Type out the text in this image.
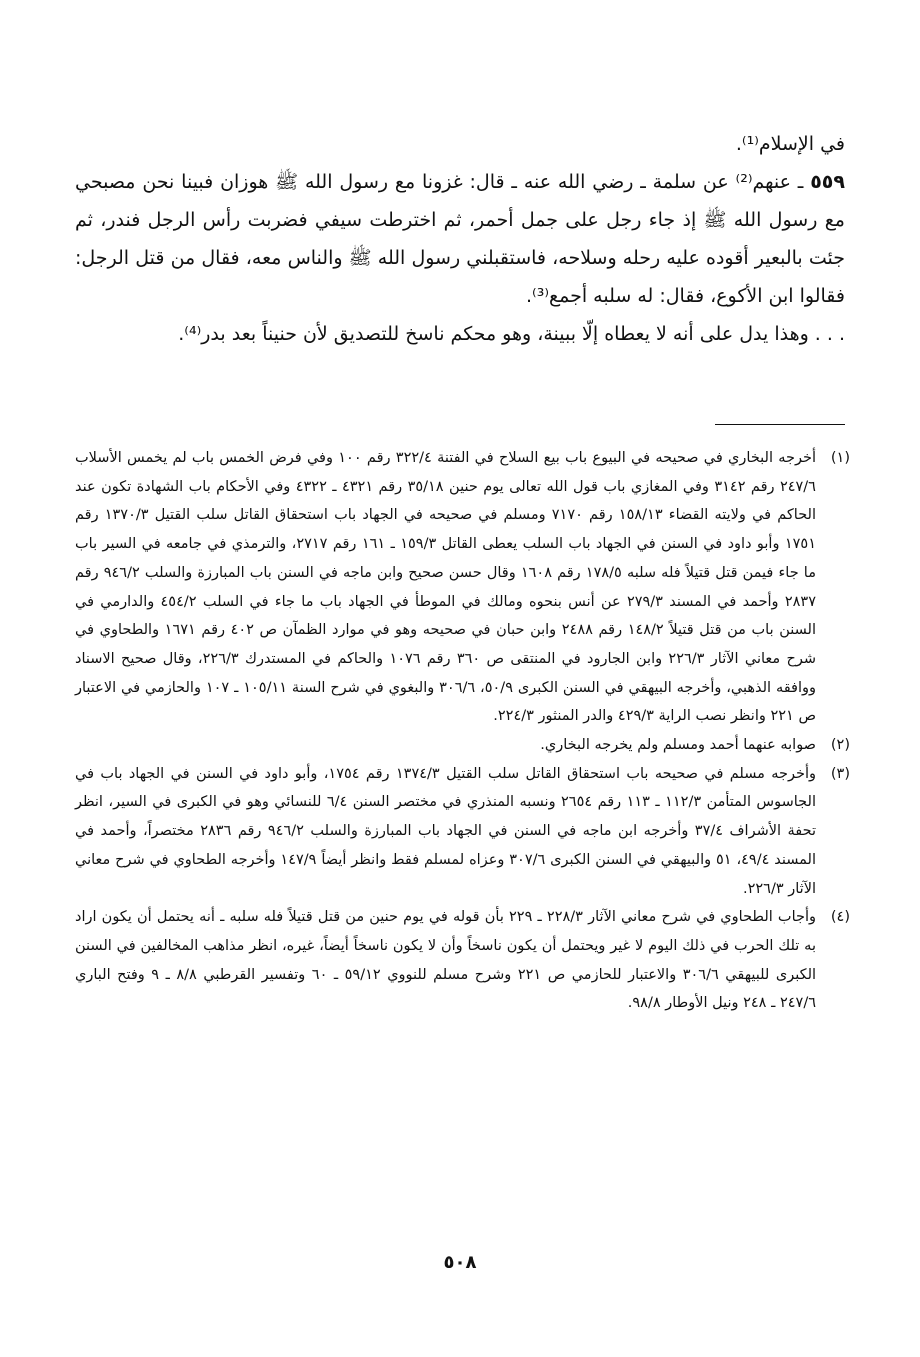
في الإسلام⁽¹⁾.

٥٥٩ ـ عنهم⁽²⁾ عن سلمة ـ رضي الله عنه ـ قال: غزونا مع رسول الله ﷺ هوزان فبينا نحن مصبحي مع رسول الله ﷺ إذ جاء رجل على جمل أحمر، ثم اخترطت سيفي فضربت رأس الرجل فندر، ثم جئت بالبعير أقوده عليه رحله وسلاحه، فاستقبلني رسول الله ﷺ والناس معه، فقال من قتل الرجل: فقالوا ابن الأكوع، فقال: له سلبه أجمع⁽³⁾.

. . . وهذا يدل على أنه لا يعطاه إلّا ببينة، وهو محكم ناسخ للتصديق لأن حنيناً بعد بدر⁽⁴⁾.

(١)
أخرجه البخاري في صحيحه في البيوع باب بيع السلاح في الفتنة ٣٢٢/٤ رقم ١٠٠ وفي فرض الخمس باب لم يخمس الأسلاب ٢٤٧/٦ رقم ٣١٤٢ وفي المغازي باب قول الله تعالى يوم حنين ٣٥/١٨ رقم ٤٣٢١ ـ ٤٣٢٢ وفي الأحكام باب الشهادة تكون عند الحاكم في ولايته القضاء ١٥٨/١٣ رقم ٧١٧٠ ومسلم في صحيحه في الجهاد باب استحقاق القاتل سلب القتيل ١٣٧٠/٣ رقم ١٧٥١ وأبو داود في السنن في الجهاد باب السلب يعطى القاتل ١٥٩/٣ ـ ١٦١ رقم ٢٧١٧، والترمذي في جامعه في السير باب ما جاء فيمن قتل قتيلاً فله سلبه ١٧٨/٥ رقم ١٦٠٨ وقال حسن صحيح وابن ماجه في السنن باب المبارزة والسلب ٩٤٦/٢ رقم ٢٨٣٧ وأحمد في المسند ٢٧٩/٣ عن أنس بنحوه ومالك في الموطأ في الجهاد باب ما جاء في السلب ٤٥٤/٢ والدارمي في السنن باب من قتل قتيلاً ١٤٨/٢ رقم ٢٤٨٨ وابن حبان في صحيحه وهو في موارد الظمآن ص ٤٠٢ رقم ١٦٧١ والطحاوي في شرح معاني الآثار ٢٢٦/٣ وابن الجارود في المنتقى ص ٣٦٠ رقم ١٠٧٦ والحاكم في المستدرك ٢٢٦/٣، وقال صحيح الاسناد ووافقه الذهبي، وأخرجه البيهقي في السنن الكبرى ٥٠/٩، ٣٠٦/٦ والبغوي في شرح السنة ١٠٥/١١ ـ ١٠٧ والحازمي في الاعتبار ص ٢٢١ وانظر نصب الراية ٤٢٩/٣ والدر المنثور ٢٢٤/٣.
(٢)
صوابه عنهما أحمد ومسلم ولم يخرجه البخاري.
(٣)
وأخرجه مسلم في صحيحه باب استحقاق القاتل سلب القتيل ١٣٧٤/٣ رقم ١٧٥٤، وأبو داود في السنن في الجهاد باب في الجاسوس المتأمن ١١٢/٣ ـ ١١٣ رقم ٢٦٥٤ ونسبه المنذري في مختصر السنن ٦/٤ للنسائي وهو في الكبرى في السير، انظر تحفة الأشراف ٣٧/٤ وأخرجه ابن ماجه في السنن في الجهاد باب المبارزة والسلب ٩٤٦/٢ رقم ٢٨٣٦ مختصراً، وأحمد في المسند ٤٩/٤، ٥١ والبيهقي في السنن الكبرى ٣٠٧/٦ وعزاه لمسلم فقط وانظر أيضاً ١٤٧/٩ وأخرجه الطحاوي في شرح معاني الآثار ٢٢٦/٣.
(٤)
وأجاب الطحاوي في شرح معاني الآثار ٢٢٨/٣ ـ ٢٢٩ بأن قوله في يوم حنين من قتل قتيلاً فله سلبه ـ أنه يحتمل أن يكون اراد به تلك الحرب في ذلك اليوم لا غير ويحتمل أن يكون ناسخاً وأن لا يكون ناسخاً أيضاً، غيره، انظر مذاهب المخالفين في السنن الكبرى للبيهقي ٣٠٦/٦ والاعتبار للحازمي ص ٢٢١ وشرح مسلم للنووي ٥٩/١٢ ـ ٦٠ وتفسير القرطبي ٨/٨ ـ ٩ وفتح الباري ٢٤٧/٦ ـ ٢٤٨ ونيل الأوطار ٩٨/٨.
٥٠٨
